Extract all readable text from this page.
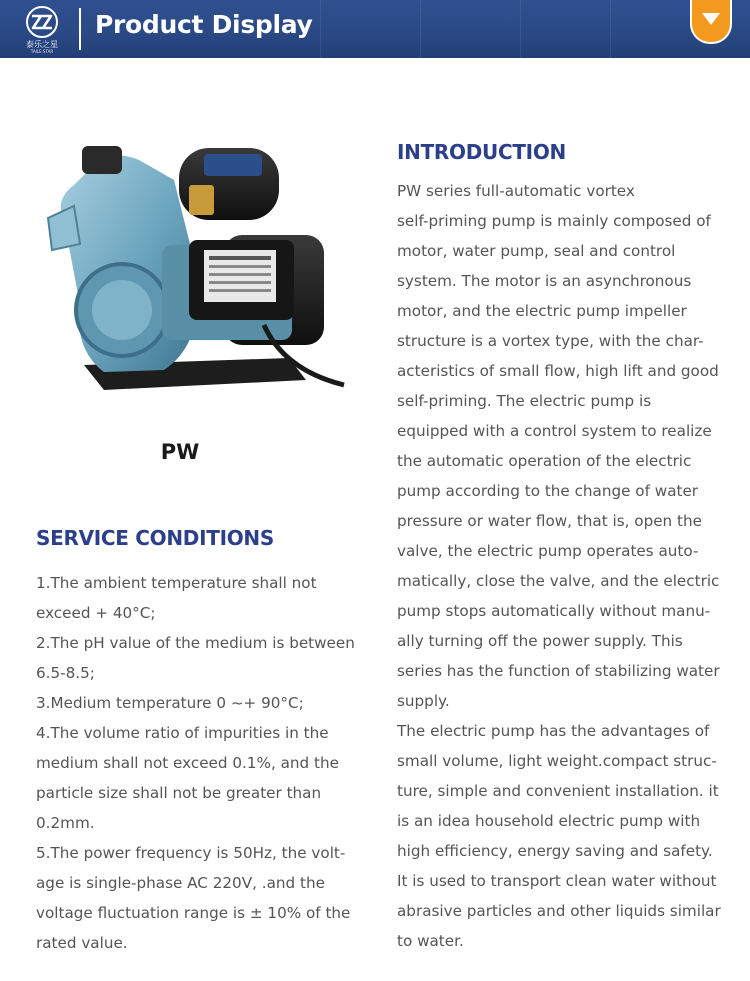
泰乐之星
TAILE STAR
Product Display
PW
INTRODUCTION
PW series full-automatic vortex
self-priming pump is mainly composed of
motor, water pump, seal and control
system. The motor is an asynchronous
motor, and the electric pump impeller
structure is a vortex type, with the char-
acteristics of small flow, high lift and good
self-priming. The electric pump is
equipped with a control system to realize
the automatic operation of the electric
pump according to the change of water
pressure or water flow, that is, open the
valve, the electric pump operates auto-
matically, close the valve, and the electric
pump stops automatically without manu-
ally turning off the power supply. This
series has the function of stabilizing water
supply.
The electric pump has the advantages of
small volume, light weight.compact struc-
ture, simple and convenient installation. it
is an idea household electric pump with
high efficiency, energy saving and safety.
It is used to transport clean water without
abrasive particles and other liquids similar
to water.
SERVICE CONDITIONS
1.The ambient temperature shall not
exceed + 40°C;
2.The pH value of the medium is between
6.5-8.5;
3.Medium temperature 0 ~+ 90°C;
4.The volume ratio of impurities in the
medium shall not exceed 0.1%, and the
particle size shall not be greater than
0.2mm.
5.The power frequency is 50Hz, the volt-
age is single-phase AC 220V, .and the
voltage fluctuation range is ± 10% of the
rated value.
